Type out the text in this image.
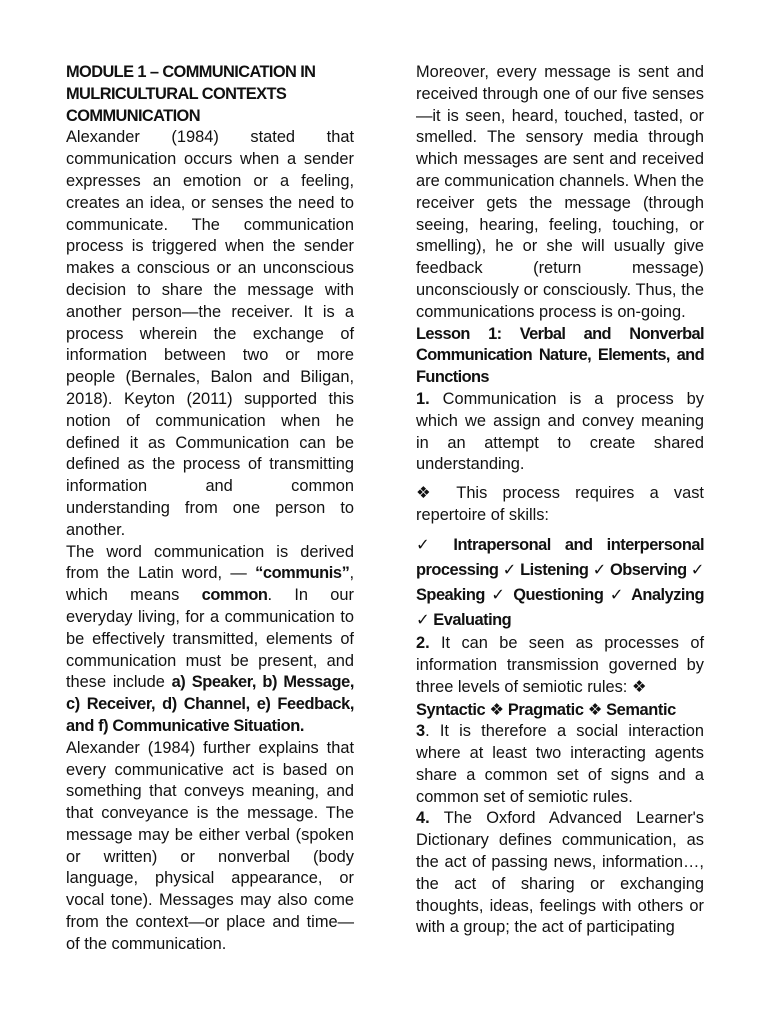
MODULE 1 – COMMUNICATION IN
MULRICULTURAL CONTEXTS

COMMUNICATION

Alexander (1984) stated that communication occurs when a sender expresses an emotion or a feeling, creates an idea, or senses the need to communicate. The communication process is triggered when the sender makes a conscious or an unconscious decision to share the message with another person—the receiver. It is a process wherein the exchange of information between two or more people (Bernales, Balon and Biligan, 2018). Keyton (2011) supported this notion of communication when he defined it as Communication can be defined as the process of transmitting information and common understanding from one person to another.

The word communication is derived from the Latin word, ― “communis”, which means common. In our everyday living, for a communication to be effectively transmitted, elements of communication must be present, and these include a) Speaker, b) Message, c) Receiver, d) Channel, e) Feedback, and f) Communicative Situation.

Alexander (1984) further explains that every communicative act is based on something that conveys meaning, and that conveyance is the message. The message may be either verbal (spoken or written) or nonverbal (body language, physical appearance, or vocal tone). Messages may also come from the context—or place and time—of the communication.

Moreover, every message is sent and received through one of our five senses—it is seen, heard, touched, tasted, or smelled. The sensory media through which messages are sent and received are communication channels. When the receiver gets the message (through seeing, hearing, feeling, touching, or smelling), he or she will usually give feedback (return message) unconsciously or consciously. Thus, the communications process is on-going.

Lesson 1: Verbal and Nonverbal Communication Nature, Elements, and Functions

1. Communication is a process by which we assign and convey meaning in an attempt to create shared understanding.

❖ This process requires a vast repertoire of skills:

✓ Intrapersonal and interpersonal processing ✓ Listening ✓ Observing ✓ Speaking ✓ Questioning ✓ Analyzing ✓ Evaluating

2. It can be seen as processes of information transmission governed by three levels of semiotic rules: ❖

Syntactic ❖ Pragmatic ❖ Semantic

3. It is therefore a social interaction where at least two interacting agents share a common set of signs and a common set of semiotic rules.

4. The Oxford Advanced Learner's Dictionary defines communication, as the act of passing news, information…, the act of sharing or exchanging thoughts, ideas, feelings with others or with a group; the act of participating
